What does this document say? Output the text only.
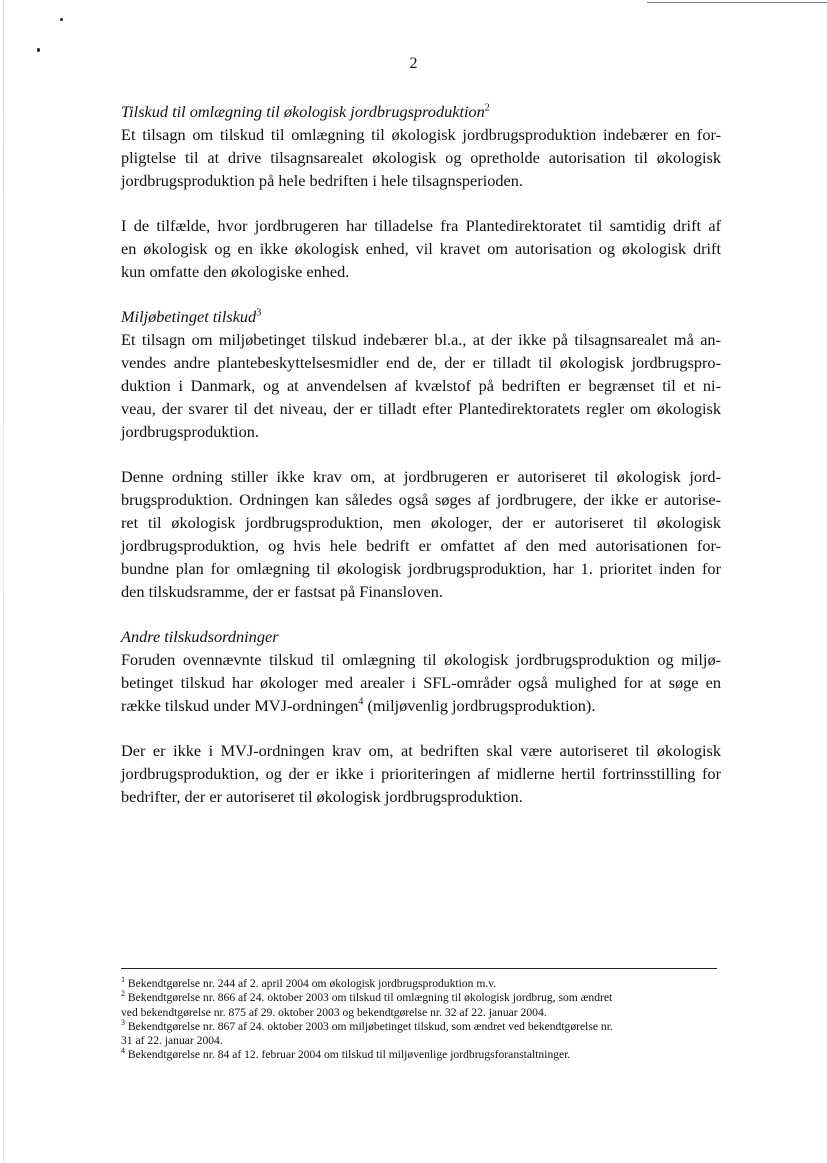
2
Tilskud til omlægning til økologisk jordbrugsproduktion$^2$
Et tilsagn om tilskud til omlægning til økologisk jordbrugsproduktion indebærer en for-
pligtelse til at drive tilsagnsarealet økologisk og opretholde autorisation til økologisk
jordbrugsproduktion på hele bedriften i hele tilsagnsperioden.
I de tilfælde, hvor jordbrugeren har tilladelse fra Plantedirektoratet til samtidig drift af
en økologisk og en ikke økologisk enhed, vil kravet om autorisation og økologisk drift
kun omfatte den økologiske enhed.
Miljøbetinget tilskud$^3$
Et tilsagn om miljøbetinget tilskud indebærer bl.a., at der ikke på tilsagnsarealet må an-
vendes andre plantebeskyttelsesmidler end de, der er tilladt til økologisk jordbrugspro-
duktion i Danmark, og at anvendelsen af kvælstof på bedriften er begrænset til et ni-
veau, der svarer til det niveau, der er tilladt efter Plantedirektoratets regler om økologisk
jordbrugsproduktion.
Denne ordning stiller ikke krav om, at jordbrugeren er autoriseret til økologisk jord-
brugsproduktion. Ordningen kan således også søges af jordbrugere, der ikke er autorise-
ret til økologisk jordbrugsproduktion, men økologer, der er autoriseret til økologisk
jordbrugsproduktion, og hvis hele bedrift er omfattet af den med autorisationen for-
bundne plan for omlægning til økologisk jordbrugsproduktion, har 1. prioritet inden for
den tilskudsramme, der er fastsat på Finansloven.
Andre tilskudsordninger
Foruden ovennævnte tilskud til omlægning til økologisk jordbrugsproduktion og miljø-
betinget tilskud har økologer med arealer i SFL-områder også mulighed for at søge en
række tilskud under MVJ-ordningen$^4$ (miljøvenlig jordbrugsproduktion).
Der er ikke i MVJ-ordningen krav om, at bedriften skal være autoriseret til økologisk
jordbrugsproduktion, og der er ikke i prioriteringen af midlerne hertil fortrinsstilling for
bedrifter, der er autoriseret til økologisk jordbrugsproduktion.
$^1$ Bekendtgørelse nr. 244 af 2. april 2004 om økologisk jordbrugsproduktion m.v.
$^2$ Bekendtgørelse nr. 866 af 24. oktober 2003 om tilskud til omlægning til økologisk jordbrug, som ændret
ved bekendtgørelse nr. 875 af 29. oktober 2003 og bekendtgørelse nr. 32 af 22. januar 2004.
$^3$ Bekendtgørelse nr. 867 af 24. oktober 2003 om miljøbetinget tilskud, som ændret ved bekendtgørelse nr.
31 af 22. januar 2004.
$^4$ Bekendtgørelse nr. 84 af 12. februar 2004 om tilskud til miljøvenlige jordbrugsforanstaltninger.
